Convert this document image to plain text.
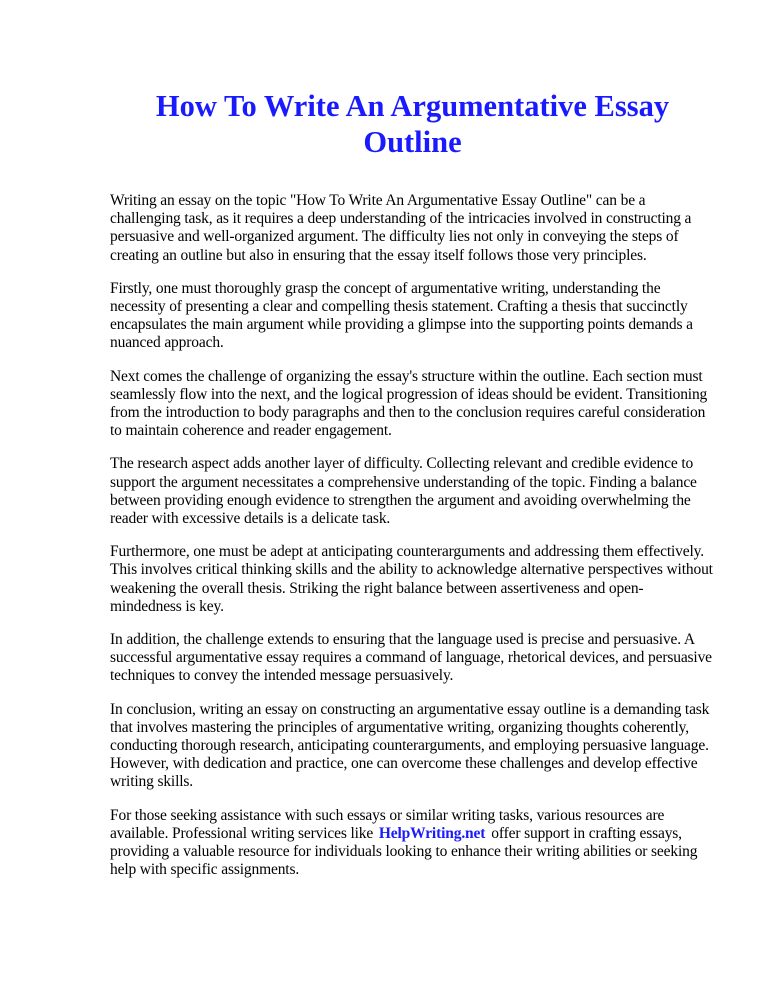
How To Write An Argumentative Essay Outline

Writing an essay on the topic "How To Write An Argumentative Essay Outline" can be a challenging task, as it requires a deep understanding of the intricacies involved in constructing a persuasive and well-organized argument. The difficulty lies not only in conveying the steps of creating an outline but also in ensuring that the essay itself follows those very principles.

Firstly, one must thoroughly grasp the concept of argumentative writing, understanding the necessity of presenting a clear and compelling thesis statement. Crafting a thesis that succinctly encapsulates the main argument while providing a glimpse into the supporting points demands a nuanced approach.

Next comes the challenge of organizing the essay's structure within the outline. Each section must seamlessly flow into the next, and the logical progression of ideas should be evident. Transitioning from the introduction to body paragraphs and then to the conclusion requires careful consideration to maintain coherence and reader engagement.

The research aspect adds another layer of difficulty. Collecting relevant and credible evidence to support the argument necessitates a comprehensive understanding of the topic. Finding a balance between providing enough evidence to strengthen the argument and avoiding overwhelming the reader with excessive details is a delicate task.

Furthermore, one must be adept at anticipating counterarguments and addressing them effectively. This involves critical thinking skills and the ability to acknowledge alternative perspectives without weakening the overall thesis. Striking the right balance between assertiveness and open-mindedness is key.

In addition, the challenge extends to ensuring that the language used is precise and persuasive. A successful argumentative essay requires a command of language, rhetorical devices, and persuasive techniques to convey the intended message persuasively.

In conclusion, writing an essay on constructing an argumentative essay outline is a demanding task that involves mastering the principles of argumentative writing, organizing thoughts coherently, conducting thorough research, anticipating counterarguments, and employing persuasive language. However, with dedication and practice, one can overcome these challenges and develop effective writing skills.

For those seeking assistance with such essays or similar writing tasks, various resources are available. Professional writing services like HelpWriting.net offer support in crafting essays, providing a valuable resource for individuals looking to enhance their writing abilities or seeking help with specific assignments.
